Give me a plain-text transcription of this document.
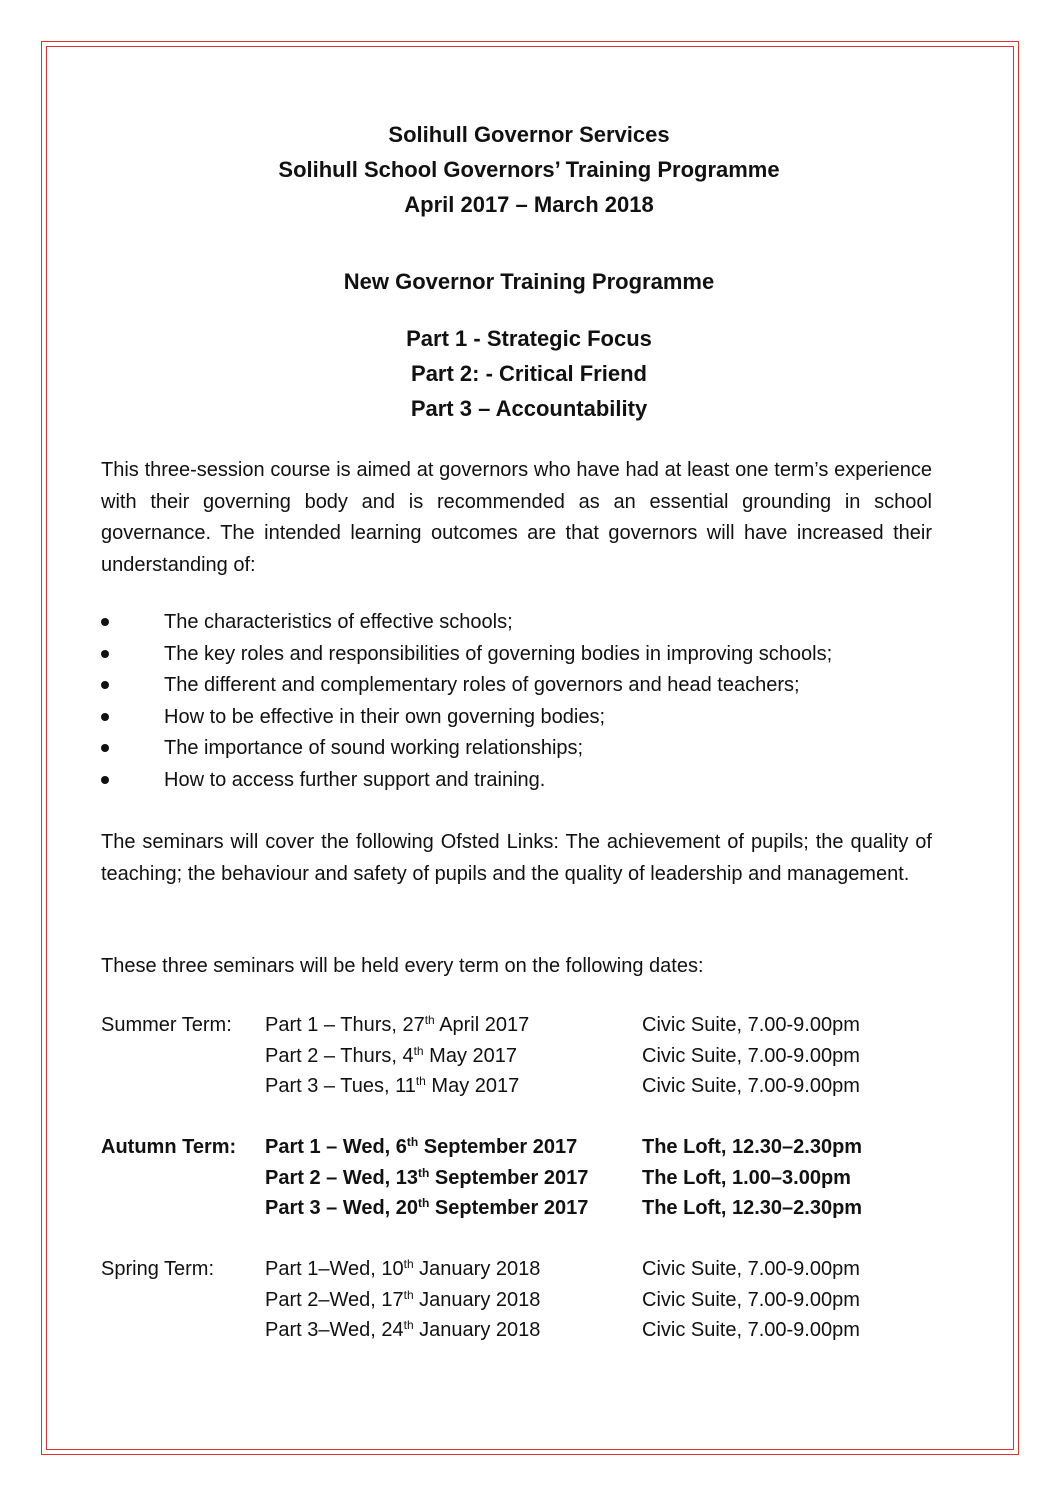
Solihull Governor Services
Solihull School Governors’ Training Programme
April 2017 – March 2018
New Governor Training Programme
Part 1 - Strategic Focus
Part 2: - Critical Friend
Part 3 – Accountability
This three-session course is aimed at governors who have had at least one term’s experience with their governing body and is recommended as an essential grounding in school governance. The intended learning outcomes are that governors will have increased their understanding of:
The characteristics of effective schools;
The key roles and responsibilities of governing bodies in improving schools;
The different and complementary roles of governors and head teachers;
How to be effective in their own governing bodies;
The importance of sound working relationships;
How to access further support and training.
The seminars will cover the following Ofsted Links: The achievement of pupils; the quality of teaching; the behaviour and safety of pupils and the quality of leadership and management.
These three seminars will be held every term on the following dates:
Summer Term: Part 1 – Thurs, 27th April 2017	Civic Suite, 7.00-9.00pm
Part 2 – Thurs, 4th May 2017	Civic Suite, 7.00-9.00pm
Part 3 – Tues, 11th May 2017	Civic Suite, 7.00-9.00pm
Autumn Term: Part 1 – Wed, 6th September 2017	The Loft, 12.30–2.30pm
Part 2 – Wed, 13th September 2017	The Loft, 1.00–3.00pm
Part 3 – Wed, 20th September 2017	The Loft, 12.30–2.30pm
Spring Term:	Part 1–Wed, 10th January 2018	Civic Suite, 7.00-9.00pm
Part 2–Wed, 17th January 2018	Civic Suite, 7.00-9.00pm
Part 3–Wed, 24th January 2018	Civic Suite, 7.00-9.00pm
